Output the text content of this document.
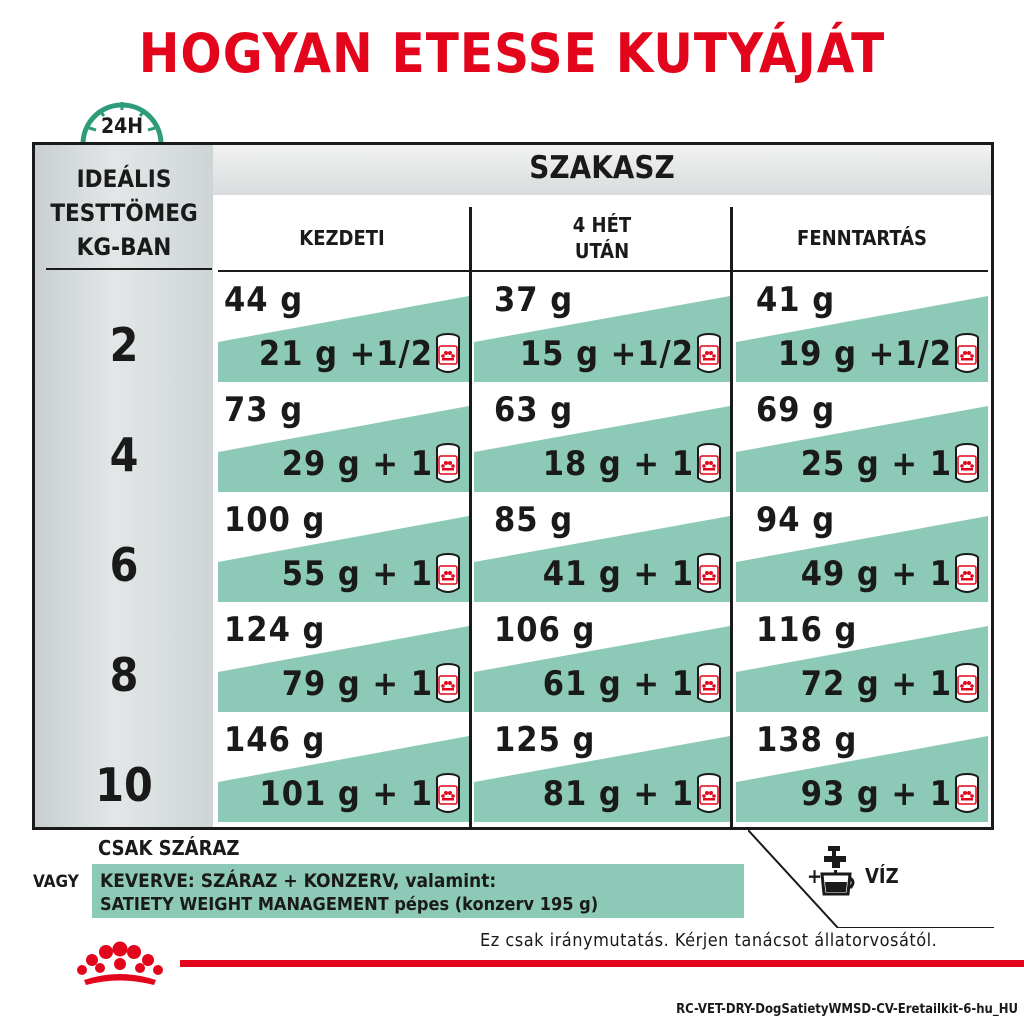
HOGYAN ETESSE KUTYÁJÁT
24H
IDEÁLIS
TESTTÖMEG
KG-BAN
SZAKASZ
KEZDETI
4 HÉT UTÁN
FENNTARTÁS
2
44 g
21 g +1/2
37 g
15 g +1/2
41 g
19 g +1/2
4
73 g
29 g + 1
63 g
18 g + 1
69 g
25 g + 1
6
100 g
55 g + 1
85 g
41 g + 1
94 g
49 g + 1
8
124 g
79 g + 1
106 g
61 g + 1
116 g
72 g + 1
10
146 g
101 g + 1
125 g
81 g + 1
138 g
93 g + 1
CSAK SZÁRAZ
VAGY KEVERVE: SZÁRAZ + KONZERV, valamint:
SATIETY WEIGHT MANAGEMENT pépes (konzerv 195 g)
+ VÍZ
Ez csak iránymutatás. Kérjen tanácsot állatorvosától.
RC-VET-DRY-DogSatietyWMSD-CV-Eretailkit-6-hu_HU
